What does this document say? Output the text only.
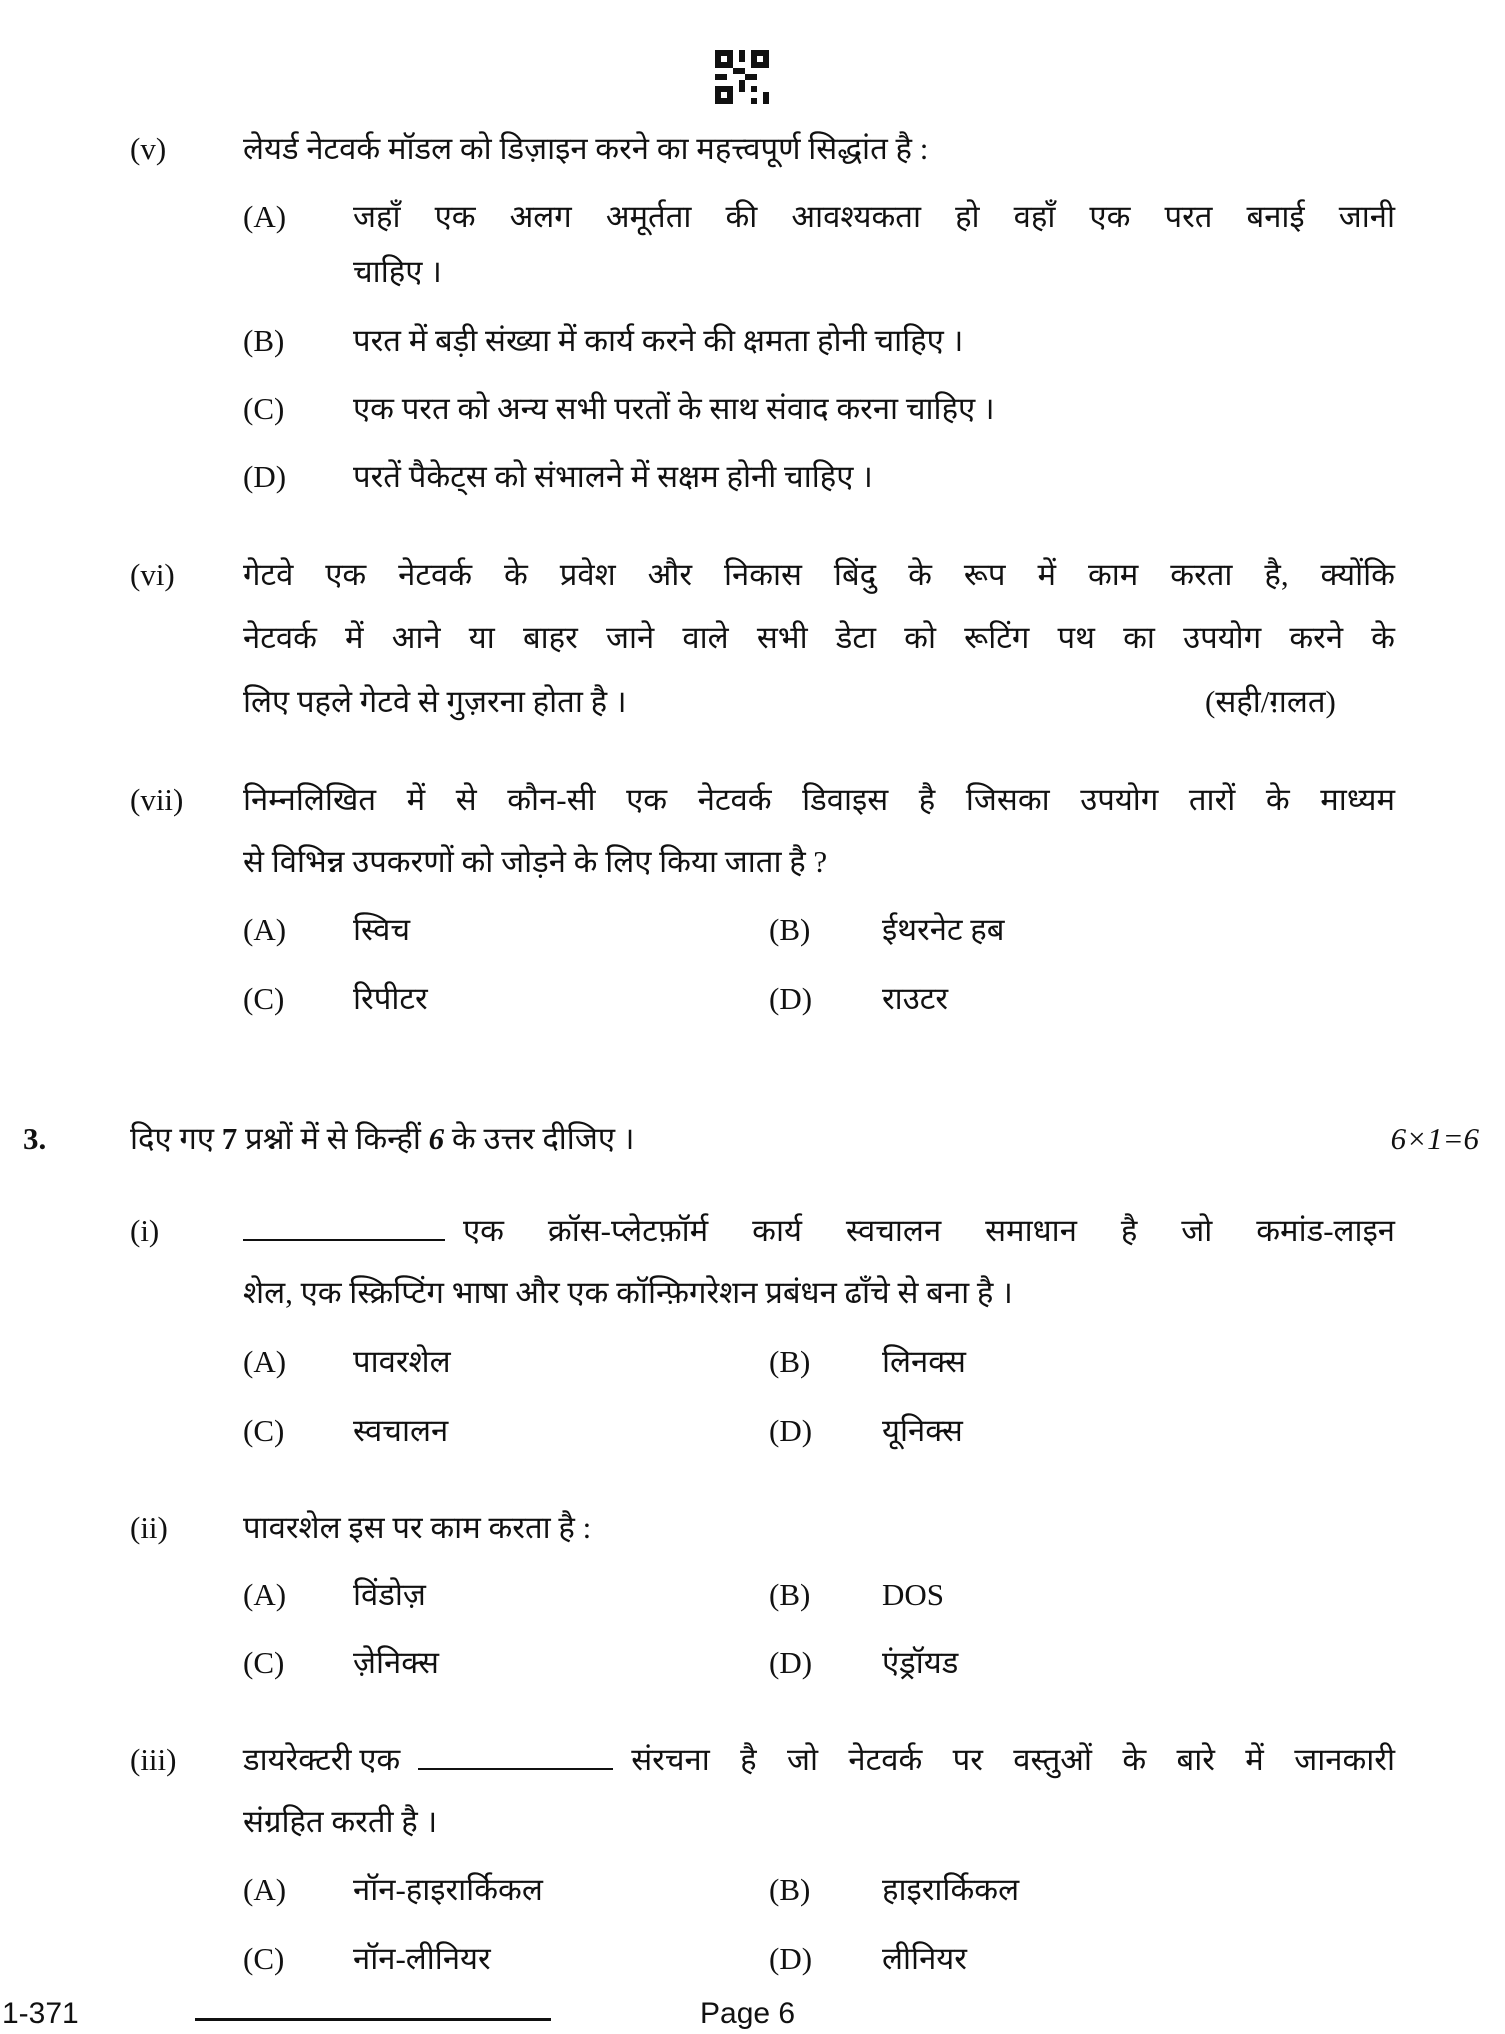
(v) लेयर्ड नेटवर्क मॉडल को डिज़ाइन करने का महत्त्वपूर्ण सिद्धांत है :
(A) जहाँ एक अलग अमूर्तता की आवश्यकता हो वहाँ एक परत बनाई जानी
चाहिए ।
(B) परत में बड़ी संख्या में कार्य करने की क्षमता होनी चाहिए ।
(C) एक परत को अन्य सभी परतों के साथ संवाद करना चाहिए ।
(D) परतें पैकेट्स को संभालने में सक्षम होनी चाहिए ।
(vi) गेटवे एक नेटवर्क के प्रवेश और निकास बिंदु के रूप में काम करता है, क्योंकि
नेटवर्क में आने या बाहर जाने वाले सभी डेटा को रूटिंग पथ का उपयोग करने के
लिए पहले गेटवे से गुज़रना होता है ।	(सही/ग़लत)
(vii) निम्नलिखित में से कौन-सी एक नेटवर्क डिवाइस है जिसका उपयोग तारों के माध्यम
से विभिन्न उपकरणों को जोड़ने के लिए किया जाता है ?
(A) स्विच	(B) ईथरनेट हब
(C) रिपीटर	(D) राउटर
3.	दिए गए 7 प्रश्नों में से किन्हीं 6 के उत्तर दीजिए ।	6×1=6
(i)	एक क्रॉस-प्लेटफ़ॉर्म कार्य स्वचालन समाधान है जो कमांड-लाइन
शेल, एक स्क्रिप्टिंग भाषा और एक कॉन्फ़िगरेशन प्रबंधन ढाँचे से बना है ।
(A) पावरशेल	(B) लिनक्स
(C) स्वचालन	(D) यूनिक्स
(ii) पावरशेल इस पर काम करता है :
(A) विंडोज़	(B) DOS
(C) ज़ेनिक्स	(D) एंड्रॉयड
(iii) डायरेक्टरी एक	संरचना है जो नेटवर्क पर वस्तुओं के बारे में जानकारी
संग्रहित करती है ।
(A) नॉन-हाइरार्किकल	(B) हाइरार्किकल
(C) नॉन-लीनियर	(D) लीनियर
1-371	Page 6
